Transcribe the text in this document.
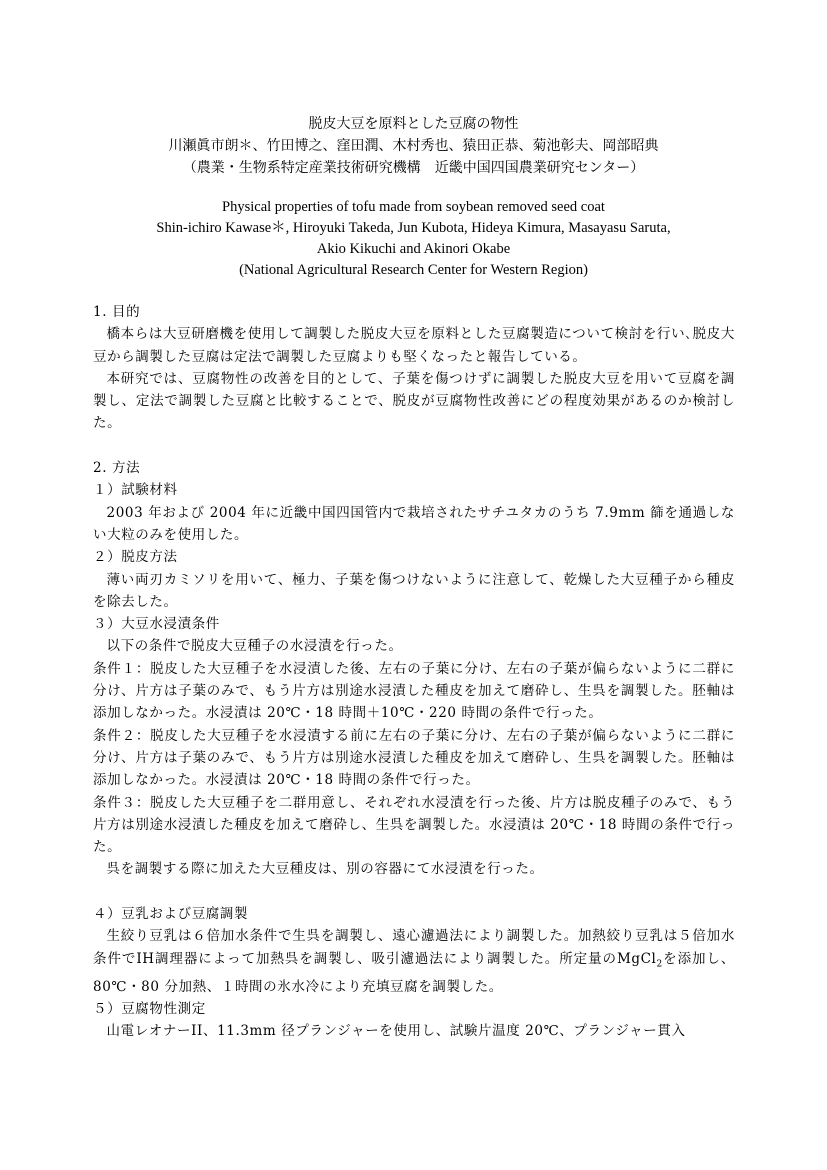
脱皮大豆を原料とした豆腐の物性
川瀬眞市朗＊、竹田博之、窪田潤、木村秀也、猿田正恭、菊池彰夫、岡部昭典
（農業・生物系特定産業技術研究機構　近畿中国四国農業研究センター）
Physical properties of tofu made from soybean removed seed coat
Shin-ichiro Kawase＊, Hiroyuki Takeda, Jun Kubota, Hideya Kimura, Masayasu Saruta,
Akio Kikuchi and Akinori Okabe
(National Agricultural Research Center for Western Region)

1. 目的

橋本らは大豆研磨機を使用して調製した脱皮大豆を原料とした豆腐製造について検討を行い､脱皮大豆から調製した豆腐は定法で調製した豆腐よりも堅くなったと報告している。

本研究では、豆腐物性の改善を目的として、子葉を傷つけずに調製した脱皮大豆を用いて豆腐を調製し、定法で調製した豆腐と比較することで、脱皮が豆腐物性改善にどの程度効果があるのか検討した。

2. 方法

１）試験材料

2003 年および 2004 年に近畿中国四国管内で栽培されたサチユタカのうち 7.9mm 篩を通過しない大粒のみを使用した。

２）脱皮方法

薄い両刃カミソリを用いて、極力、子葉を傷つけないように注意して、乾燥した大豆種子から種皮を除去した。

３）大豆水浸漬条件

以下の条件で脱皮大豆種子の水浸漬を行った。

条件１：脱皮した大豆種子を水浸漬した後、左右の子葉に分け、左右の子葉が偏らないように二群に分け、片方は子葉のみで、もう片方は別途水浸漬した種皮を加えて磨砕し、生呉を調製した。胚軸は添加しなかった。水浸漬は 20℃・18 時間＋10℃・220 時間の条件で行った。

条件２：脱皮した大豆種子を水浸漬する前に左右の子葉に分け、左右の子葉が偏らないように二群に分け、片方は子葉のみで、もう片方は別途水浸漬した種皮を加えて磨砕し、生呉を調製した。胚軸は添加しなかった。水浸漬は 20℃・18 時間の条件で行った。

条件３：脱皮した大豆種子を二群用意し、それぞれ水浸漬を行った後、片方は脱皮種子のみで、もう片方は別途水浸漬した種皮を加えて磨砕し、生呉を調製した。水浸漬は 20℃・18 時間の条件で行った。

呉を調製する際に加えた大豆種皮は、別の容器にて水浸漬を行った。

４）豆乳および豆腐調製

生絞り豆乳は６倍加水条件で生呉を調製し、遠心濾過法により調製した。加熱絞り豆乳は５倍加水条件でIH調理器によって加熱呉を調製し、吸引濾過法により調製した。所定量のMgCl$_2$を添加し、80℃・80 分加熱、１時間の氷水冷により充填豆腐を調製した。

５）豆腐物性測定

山電レオナーII、11.3mm 径プランジャーを使用し、試験片温度 20℃、プランジャー貫入
